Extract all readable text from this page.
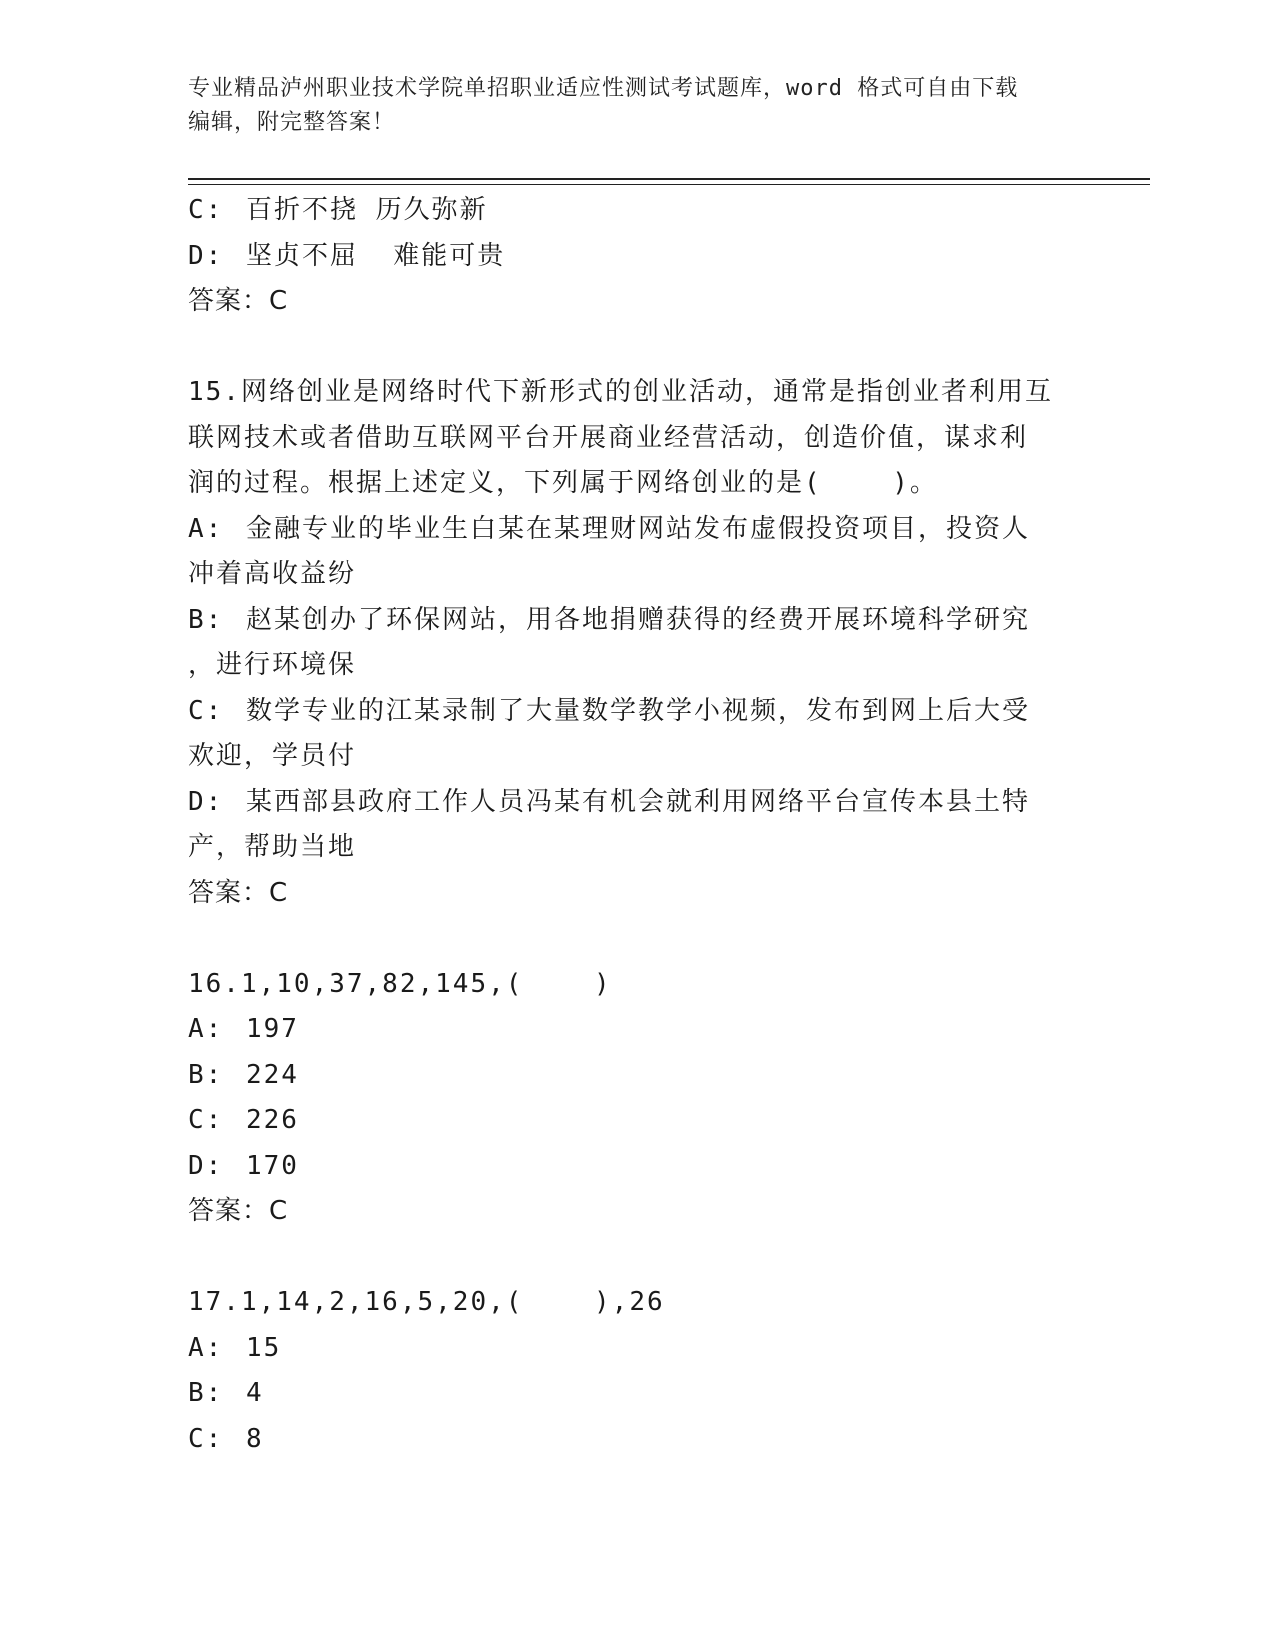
专业精品泸州职业技术学院单招职业适应性测试考试题库，word 格式可自由下载
编辑，附完整答案！
C: 百折不挠 历久弥新
D: 坚贞不屈  难能可贵
答案：C
15.网络创业是网络时代下新形式的创业活动，通常是指创业者利用互
联网技术或者借助互联网平台开展商业经营活动，创造价值，谋求利
润的过程。根据上述定义，下列属于网络创业的是(    )。
A: 金融专业的毕业生白某在某理财网站发布虚假投资项目，投资人
冲着高收益纷
B: 赵某创办了环保网站，用各地捐赠获得的经费开展环境科学研究
，进行环境保
C: 数学专业的江某录制了大量数学教学小视频，发布到网上后大受
欢迎，学员付
D: 某西部县政府工作人员冯某有机会就利用网络平台宣传本县土特
产，帮助当地
答案：C
16.1,10,37,82,145,(    )
A: 197
B: 224
C: 226
D: 170
答案：C
17.1,14,2,16,5,20,(    ),26
A: 15
B: 4
C: 8
